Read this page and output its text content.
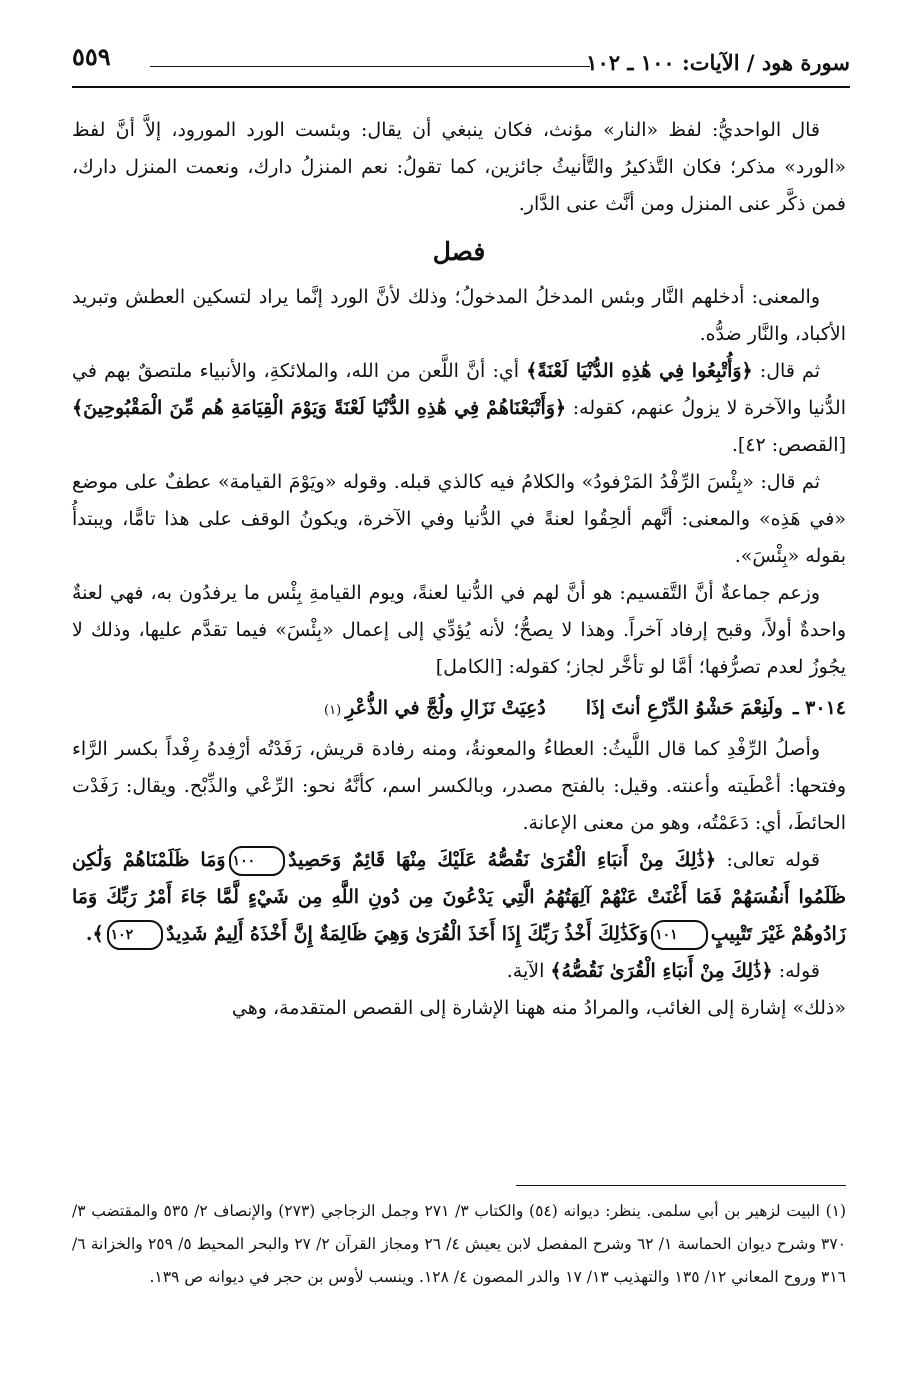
سورة هود / الآيات: ١٠٠ ـ ١٠٢
٥٥٩

قال الواحديُّ: لفظ «النار» مؤنث، فكان ينبغي أن يقال: وبئست الورد المورود، إلاَّ أنَّ لفظ «الورد» مذكر؛ فكان التَّذكيرُ والتَّأنيثُ جائزين، كما تقولُ: نعم المنزلُ دارك، ونعمت المنزل دارك، فمن ذكَّر عنى المنزل ومن أنَّث عنى الدَّار.

فصل

والمعنى: أدخلهم النَّار وبئس المدخلُ المدخولُ؛ وذلك لأنَّ الورد إنَّما يراد لتسكين العطش وتبريد الأكباد، والنَّار ضدُّه.

ثم قال: ﴿وَأُتْبِعُوا فِي هَٰذِهِ الدُّنْيَا لَعْنَةً﴾ أي: أنَّ اللَّعن من الله، والملائكةِ، والأنبياء ملتصقٌ بهم في الدُّنيا والآخرة لا يزولُ عنهم، كقوله: ﴿وَأَتْبَعْنَاهُمْ فِي هَٰذِهِ الدُّنْيَا لَعْنَةً وَيَوْمَ الْقِيَامَةِ هُم مِّنَ الْمَقْبُوحِينَ﴾ [القصص: ٤٢].

ثم قال: «بِئْسَ الرِّفْدُ المَرْفودُ» والكلامُ فيه كالذي قبله. وقوله «ويَوْمَ القيامة» عطفٌ على موضع «في هَذِه» والمعنى: أنَّهم ألحِقُوا لعنةً في الدُّنيا وفي الآخرة، ويكونُ الوقف على هذا تامًّا، ويبتدأُ بقوله «بِئْسَ».

وزعم جماعةٌ أنَّ التَّقسيم: هو أنَّ لهم في الدُّنيا لعنةً، ويوم القيامةِ بِئْس ما يرفدُون به، فهي لعنةٌ واحدةٌ أولاً، وقبح إرفاد آخراً. وهذا لا يصحُّ؛ لأنه يُؤدِّي إلى إعمال «بِئْسَ» فيما تقدَّم عليها، وذلك لا يجُوزُ لعدم تصرُّفها؛ أمَّا لو تأخَّر لجاز؛ كقوله: [الكامل]

٣٠١٤ ـ
ولَنِعْمَ حَشْوُ الدِّرْعِ أنتَ إذَا
دُعِيَتْ نَزَالِ ولُجَّ في الذُّعْرِ
(١)

وأصلُ الرِّفْدِ كما قال اللَّيثُ: العطاءُ والمعونةُ، ومنه رفادة قريش، رَفَدْتُه أرْفِدهُ رِفْداً بكسر الرَّاء وفتحها: أعْطَيته وأعنته. وقيل: بالفتح مصدر، وبالكسر اسم، كأنَّهُ نحو: الرِّعْي والذِّبْح. ويقال: رَفَدْت الحائطَ، أي: دَعَمْتُه، وهو من معنى الإعانة.

قوله تعالى: ﴿ذَٰلِكَ مِنْ أَنبَاءِ الْقُرَىٰ نَقُصُّهُ عَلَيْكَ مِنْهَا قَائِمٌ وَحَصِيدٌ١٠٠وَمَا ظَلَمْنَاهُمْ وَلَٰكِن ظَلَمُوا أَنفُسَهُمْ فَمَا أَغْنَتْ عَنْهُمْ آلِهَتُهُمُ الَّتِي يَدْعُونَ مِن دُونِ اللَّهِ مِن شَيْءٍ لَّمَّا جَاءَ أَمْرُ رَبِّكَ وَمَا زَادُوهُمْ غَيْرَ تَتْبِيبٍ١٠١وَكَذَٰلِكَ أَخْذُ رَبِّكَ إِذَا أَخَذَ الْقُرَىٰ وَهِيَ ظَالِمَةٌ إِنَّ أَخْذَهُ أَلِيمٌ شَدِيدٌ١٠٢﴾.

قوله: ﴿ذَٰلِكَ مِنْ أَنبَاءِ الْقُرَىٰ نَقُصُّهُ﴾ الآية.

«ذلك» إشارة إلى الغائب، والمرادُ منه ههنا الإشارة إلى القصص المتقدمة، وهي

(١) البيت لزهير بن أبي سلمى. ينظر: ديوانه (٥٤) والكتاب ٣/ ٢٧١ وجمل الزجاجي (٢٧٣) والإنصاف ٢/ ٥٣٥ والمقتضب ٣/ ٣٧٠ وشرح ديوان الحماسة ١/ ٦٢ وشرح المفصل لابن يعيش ٤/ ٢٦ ومجاز القرآن ٢/ ٢٧ والبحر المحيط ٥/ ٢٥٩ والخزانة ٦/ ٣١٦ وروح المعاني ١٢/ ١٣٥ والتهذيب ١٣/ ١٧ والدر المصون ٤/ ١٢٨. وينسب لأوس بن حجر في ديوانه ص ١٣٩.
